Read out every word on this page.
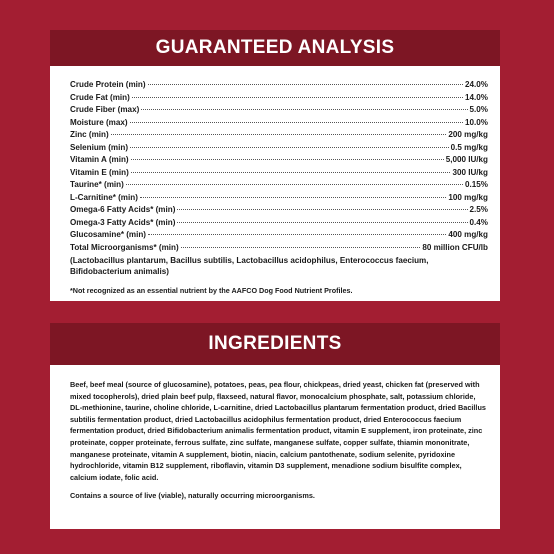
GUARANTEED ANALYSIS
Crude Protein (min)	24.0%
Crude Fat (min)	14.0%
Crude Fiber (max)	5.0%
Moisture (max)	10.0%
Zinc (min)	200 mg/kg
Selenium (min)	0.5 mg/kg
Vitamin A (min)	5,000 IU/kg
Vitamin E (min)	300 IU/kg
Taurine* (min)	0.15%
L-Carnitine* (min)	100 mg/kg
Omega-6 Fatty Acids* (min)	2.5%
Omega-3 Fatty Acids* (min)	0.4%
Glucosamine* (min)	400 mg/kg
Total Microorganisms* (min)	80 million CFU/lb
(Lactobacillus plantarum, Bacillus subtilis, Lactobacillus acidophilus, Enterococcus faecium, Bifidobacterium animalis)
*Not recognized as an essential nutrient by the AAFCO Dog Food Nutrient Profiles.
INGREDIENTS
Beef, beef meal (source of glucosamine), potatoes, peas, pea flour, chickpeas, dried yeast, chicken fat (preserved with mixed tocopherols), dried plain beef pulp, flaxseed, natural flavor, monocalcium phosphate, salt, potassium chloride, DL-methionine, taurine, choline chloride, L-carnitine, dried Lactobacillus plantarum fermentation product, dried Bacillus subtilis fermentation product, dried Lactobacillus acidophilus fermentation product, dried Enterococcus faecium fermentation product, dried Bifidobacterium animalis fermentation product, vitamin E supplement, iron proteinate, zinc proteinate, copper proteinate, ferrous sulfate, zinc sulfate, manganese sulfate, copper sulfate, thiamin mononitrate, manganese proteinate, vitamin A supplement, biotin, niacin, calcium pantothenate, sodium selenite, pyridoxine hydrochloride, vitamin B12 supplement, riboflavin, vitamin D3 supplement, menadione sodium bisulfite complex, calcium iodate, folic acid.
Contains a source of live (viable), naturally occurring microorganisms.
